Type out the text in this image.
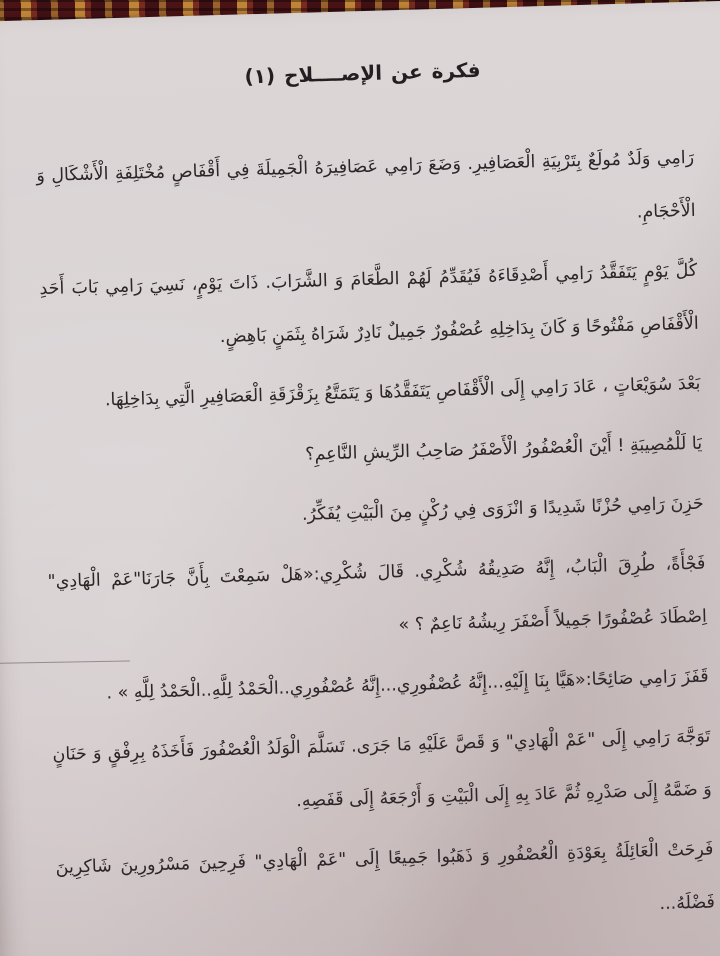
فكرة عن الإصــــلاح (١)

رَامِي وَلَدٌ مُولَعٌ بِتَرْبِيَةِ الْعَصَافِيرِ. وَضَعَ رَامِي عَصَافِيرَهُ الْجَمِيلَةَ فِي أَقْفَاصٍ مُخْتَلِفَةِ الْأَشْكَالِ وَ الْأَحْجَامِ.

كُلَّ يَوْمٍ يَتَفَقَّدُ رَامِي أَصْدِقَاءَهُ فَيُقَدِّمُ لَهُمْ الطَّعَامَ وَ الشَّرَابَ. ذَاتَ يَوْمٍ، نَسِيَ رَامِي بَابَ أَحَدِ الْأَقْفَاصِ مَفْتُوحًا وَ كَانَ بِدَاخِلِهِ عُصْفُورٌ جَمِيلٌ نَادِرٌ شَرَاهُ بِثَمَنٍ بَاهِضٍ.

بَعْدَ سُوَيْعَاتٍ ، عَادَ رَامِي إِلَى الْأَقْفَاصِ يَتَفَقَّدُهَا وَ يَتَمَتَّعُ بِزَقْزَقَةِ الْعَصَافِيرِ الَّتِي بِدَاخِلِهَا.

يَا لَلْمُصِيبَةِ ! أَيْنَ الْعُصْفُورُ الْأَصْفَرُ صَاحِبُ الرِّيشِ النَّاعِمِ؟

حَزِنَ رَامِي حُزْنًا شَدِيدًا وَ انْزَوَى فِي رُكْنٍ مِنَ الْبَيْتِ يُفَكِّرُ.

فَجْأَةً، طُرِقَ الْبَابُ، إِنَّهُ صَدِيقُهُ شُكْرِي. قَالَ شُكْرِي:«هَلْ سَمِعْتَ بِأَنَّ جَارَنَا"عَمْ الْهَادِي" اِصْطَادَ عُصْفُورًا جَمِيلاً أَصْفَرَ رِيشُهُ نَاعِمٌ ؟ »

قَفَزَ رَامِي صَائِحًا:«هَيَّا بِنَا إِلَيْهِ...إِنَّهُ عُصْفُورِي...إِنَّهُ عُصْفُورِي..الْحَمْدُ لِلَّهِ..الْحَمْدُ لِلَّهِ » .

تَوَجَّهَ رَامِي إِلَى "عَمْ الْهَادِي" وَ قَصَّ عَلَيْهِ مَا جَرَى. تَسَلَّمَ الْوَلَدُ الْعُصْفُورَ فَأَخَذَهُ بِرِفْقٍ وَ حَنَانٍ وَ ضَمَّهُ إِلَى صَدْرِهِ ثُمَّ عَادَ بِهِ إِلَى الْبَيْتِ وَ أَرْجَعَهُ إِلَى قَفَصِهِ.

فَرِحَتْ الْعَائِلَةُ بِعَوْدَةِ الْعُصْفُورِ وَ ذَهَبُوا جَمِيعًا إِلَى "عَمْ الْهَادِي" فَرِحِينَ مَسْرُورِينَ شَاكِرِينَ فَضْلَهُ...
